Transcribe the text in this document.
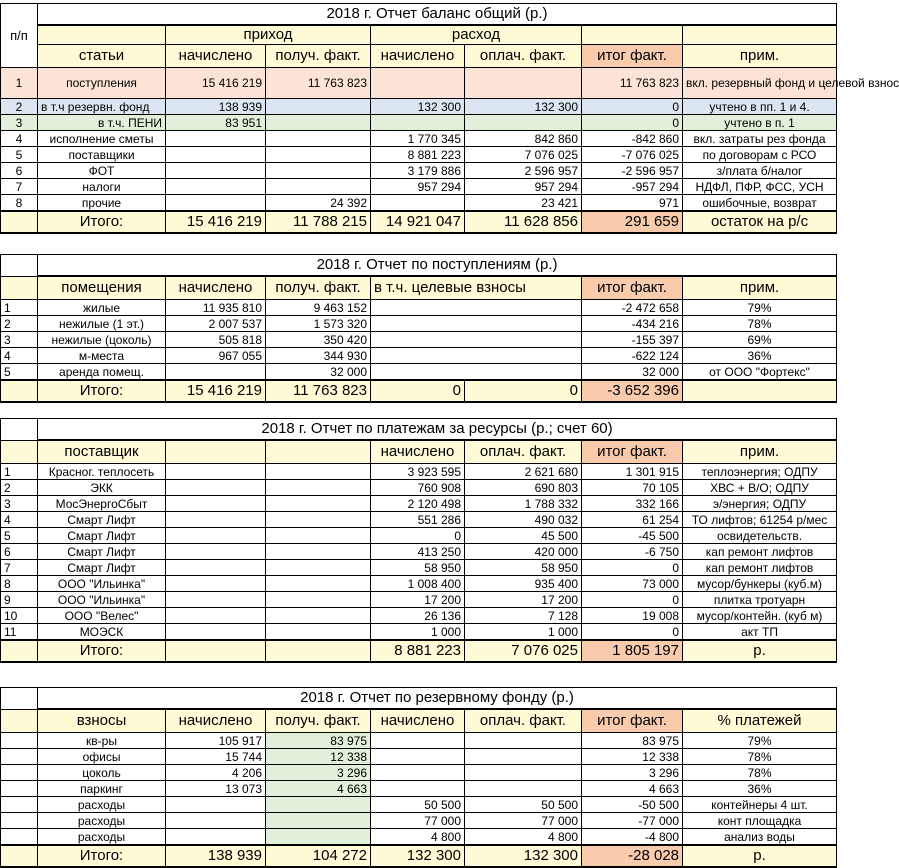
п/п	2018 г. Отчет баланс общий (р.)						
		приход		расход			
	статьи	начислено	получ. факт.	начислено	оплач. факт.	итог факт.	прим.
1	поступления	15 416 219	11 763 823			11 763 823	вкл. резервный фонд и целевой взнос
2	в т.ч резервн. фонд	138 939		132 300	132 300	0	учтено в пп. 1 и 4.
3	в т.ч. ПЕНИ	83 951				0	учтено в п. 1
4	исполнение сметы			1 770 345	842 860	-842 860	вкл. затраты рез фонда
5	поставщики			8 881 223	7 076 025	-7 076 025	по договорам с РСО
6	ФОТ			3 179 886	2 596 957	-2 596 957	з/плата б/налог
7	налоги			957 294	957 294	-957 294	НДФЛ, ПФР, ФСС, УСН
8	прочие		24 392		23 421	971	ошибочные, возврат
	Итого:	15 416 219	11 788 215	14 921 047	11 628 856	291 659	остаток на р/с
	2018 г. Отчет по поступлениям (р.)						
	помещения	начислено	получ. факт.	в т.ч. целевые взносы		итог факт.	прим.
1	жилые	11 935 810	9 463 152			-2 472 658	79%
2	нежилые (1 эт.)	2 007 537	1 573 320			-434 216	78%
3	нежилые (цоколь)	505 818	350 420			-155 397	69%
4	м-места	967 055	344 930			-622 124	36%
5	аренда помещ.		32 000			32 000	от ООО "Фортекс"
	Итого:	15 416 219	11 763 823	0	0	-3 652 396	
	2018 г. Отчет по платежам за ресурсы (р.; счет 60)						
	поставщик			начислено	оплач. факт.	итог факт.	прим.
1	Красног. теплосеть			3 923 595	2 621 680	1 301 915	теплоэнергия; ОДПУ
2	ЭКК			760 908	690 803	70 105	ХВС + В/О; ОДПУ
3	МосЭнергоСбыт			2 120 498	1 788 332	332 166	э/энергия; ОДПУ
4	Смарт Лифт			551 286	490 032	61 254	ТО лифтов; 61254 р/мес
5	Смарт Лифт			0	45 500	-45 500	освидетельств.
6	Смарт Лифт			413 250	420 000	-6 750	кап ремонт лифтов
7	Смарт Лифт			58 950	58 950	0	кап ремонт лифтов
8	ООО "Ильинка"			1 008 400	935 400	73 000	мусор/бункеры (куб.м)
9	ООО "Ильинка"			17 200	17 200	0	плитка тротуарн
10	ООО "Велес"			26 136	7 128	19 008	мусор/контейн. (куб м)
11	МОЭСК			1 000	1 000	0	акт ТП
	Итого:			8 881 223	7 076 025	1 805 197	р.
	2018 г. Отчет по резервному фонду (р.)						
	взносы	начислено	получ. факт.	начислено	оплач. факт.	итог факт.	% платежей
	кв-ры	105 917	83 975			83 975	79%
	офисы	15 744	12 338			12 338	78%
	цоколь	4 206	3 296			3 296	78%
	паркинг	13 073	4 663			4 663	36%
	расходы			50 500	50 500	-50 500	контейнеры 4 шт.
	расходы			77 000	77 000	-77 000	конт площадка
	расходы			4 800	4 800	-4 800	анализ воды
	Итого:	138 939	104 272	132 300	132 300	-28 028	р.
